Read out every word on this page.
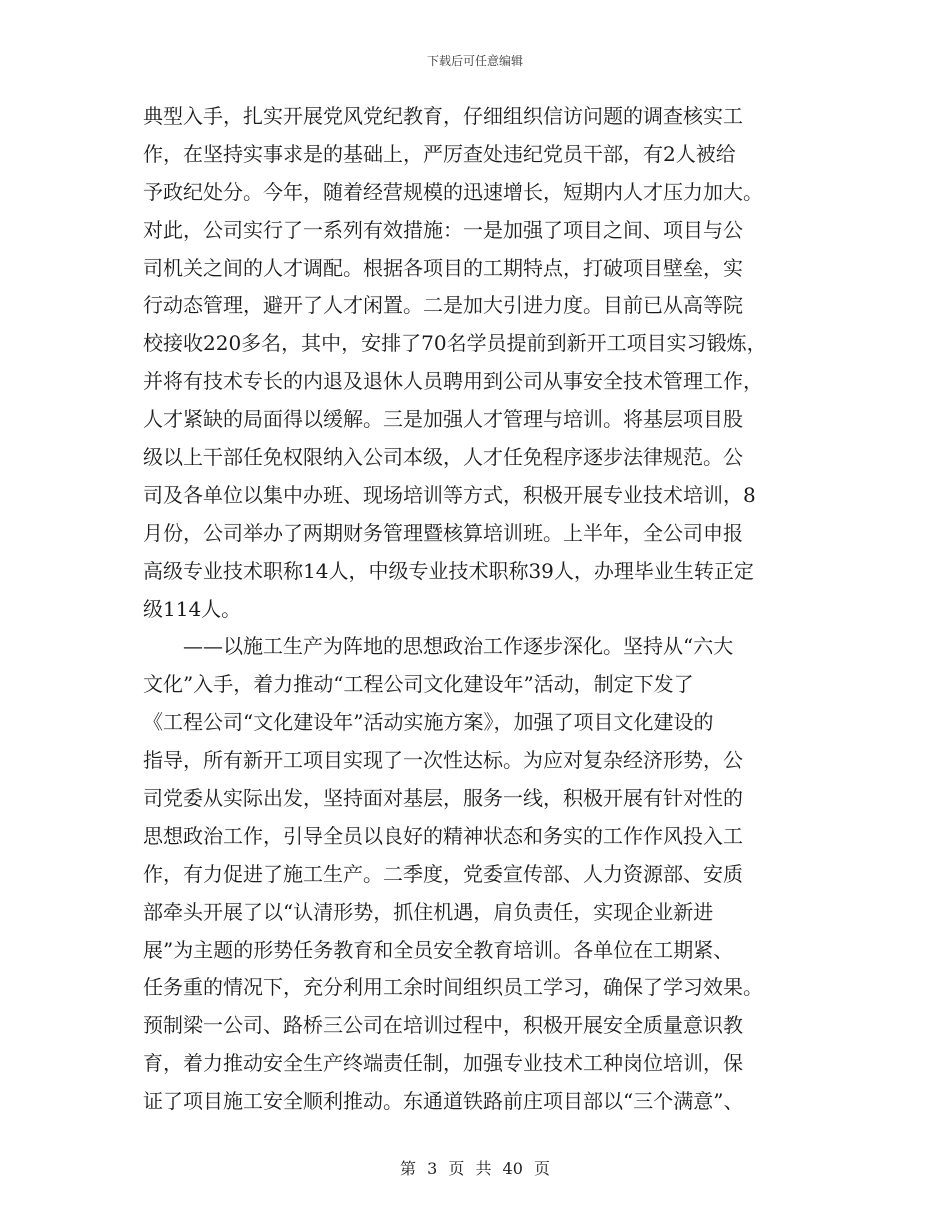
下载后可任意编辑
典型入手，扎实开展党风党纪教育，仔细组织信访问题的调查核实工
作，在坚持实事求是的基础上，严厉查处违纪党员干部，有2人被给
予政纪处分。今年，随着经营规模的迅速增长，短期内人才压力加大。
对此，公司实行了一系列有效措施：一是加强了项目之间、项目与公
司机关之间的人才调配。根据各项目的工期特点，打破项目壁垒，实
行动态管理，避开了人才闲置。二是加大引进力度。目前已从高等院
校接收220多名，其中，安排了70名学员提前到新开工项目实习锻炼，
并将有技术专长的内退及退休人员聘用到公司从事安全技术管理工作，
人才紧缺的局面得以缓解。三是加强人才管理与培训。将基层项目股
级以上干部任免权限纳入公司本级，人才任免程序逐步法律规范。公
司及各单位以集中办班、现场培训等方式，积极开展专业技术培训，8
月份，公司举办了两期财务管理暨核算培训班。上半年，全公司申报
高级专业技术职称14人，中级专业技术职称39人，办理毕业生转正定
级114人。
——以施工生产为阵地的思想政治工作逐步深化。坚持从“六大
文化”入手，着力推动“工程公司文化建设年”活动，制定下发了
《工程公司“文化建设年”活动实施方案》，加强了项目文化建设的
指导，所有新开工项目实现了一次性达标。为应对复杂经济形势，公
司党委从实际出发，坚持面对基层，服务一线，积极开展有针对性的
思想政治工作，引导全员以良好的精神状态和务实的工作作风投入工
作，有力促进了施工生产。二季度，党委宣传部、人力资源部、安质
部牵头开展了以“认清形势，抓住机遇，肩负责任，实现企业新进
展”为主题的形势任务教育和全员安全教育培训。各单位在工期紧、
任务重的情况下，充分利用工余时间组织员工学习，确保了学习效果。
预制梁一公司、路桥三公司在培训过程中，积极开展安全质量意识教
育，着力推动安全生产终端责任制，加强专业技术工种岗位培训，保
证了项目施工安全顺利推动。东通道铁路前庄项目部以“三个满意”、
第 3 页 共 40 页
